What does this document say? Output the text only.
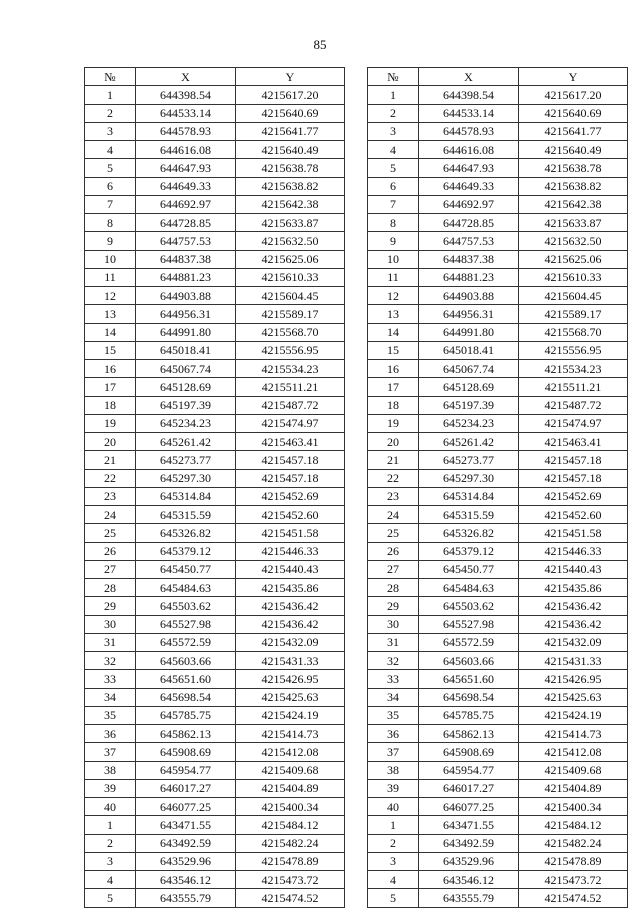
85
№	X	Y
1	644398.54	4215617.20
2	644533.14	4215640.69
3	644578.93	4215641.77
4	644616.08	4215640.49
5	644647.93	4215638.78
6	644649.33	4215638.82
7	644692.97	4215642.38
8	644728.85	4215633.87
9	644757.53	4215632.50
10	644837.38	4215625.06
11	644881.23	4215610.33
12	644903.88	4215604.45
13	644956.31	4215589.17
14	644991.80	4215568.70
15	645018.41	4215556.95
16	645067.74	4215534.23
17	645128.69	4215511.21
18	645197.39	4215487.72
19	645234.23	4215474.97
20	645261.42	4215463.41
21	645273.77	4215457.18
22	645297.30	4215457.18
23	645314.84	4215452.69
24	645315.59	4215452.60
25	645326.82	4215451.58
26	645379.12	4215446.33
27	645450.77	4215440.43
28	645484.63	4215435.86
29	645503.62	4215436.42
30	645527.98	4215436.42
31	645572.59	4215432.09
32	645603.66	4215431.33
33	645651.60	4215426.95
34	645698.54	4215425.63
35	645785.75	4215424.19
36	645862.13	4215414.73
37	645908.69	4215412.08
38	645954.77	4215409.68
39	646017.27	4215404.89
40	646077.25	4215400.34
1	643471.55	4215484.12
2	643492.59	4215482.24
3	643529.96	4215478.89
4	643546.12	4215473.72
5	643555.79	4215474.52
№	X	Y
1	644398.54	4215617.20
2	644533.14	4215640.69
3	644578.93	4215641.77
4	644616.08	4215640.49
5	644647.93	4215638.78
6	644649.33	4215638.82
7	644692.97	4215642.38
8	644728.85	4215633.87
9	644757.53	4215632.50
10	644837.38	4215625.06
11	644881.23	4215610.33
12	644903.88	4215604.45
13	644956.31	4215589.17
14	644991.80	4215568.70
15	645018.41	4215556.95
16	645067.74	4215534.23
17	645128.69	4215511.21
18	645197.39	4215487.72
19	645234.23	4215474.97
20	645261.42	4215463.41
21	645273.77	4215457.18
22	645297.30	4215457.18
23	645314.84	4215452.69
24	645315.59	4215452.60
25	645326.82	4215451.58
26	645379.12	4215446.33
27	645450.77	4215440.43
28	645484.63	4215435.86
29	645503.62	4215436.42
30	645527.98	4215436.42
31	645572.59	4215432.09
32	645603.66	4215431.33
33	645651.60	4215426.95
34	645698.54	4215425.63
35	645785.75	4215424.19
36	645862.13	4215414.73
37	645908.69	4215412.08
38	645954.77	4215409.68
39	646017.27	4215404.89
40	646077.25	4215400.34
1	643471.55	4215484.12
2	643492.59	4215482.24
3	643529.96	4215478.89
4	643546.12	4215473.72
5	643555.79	4215474.52
